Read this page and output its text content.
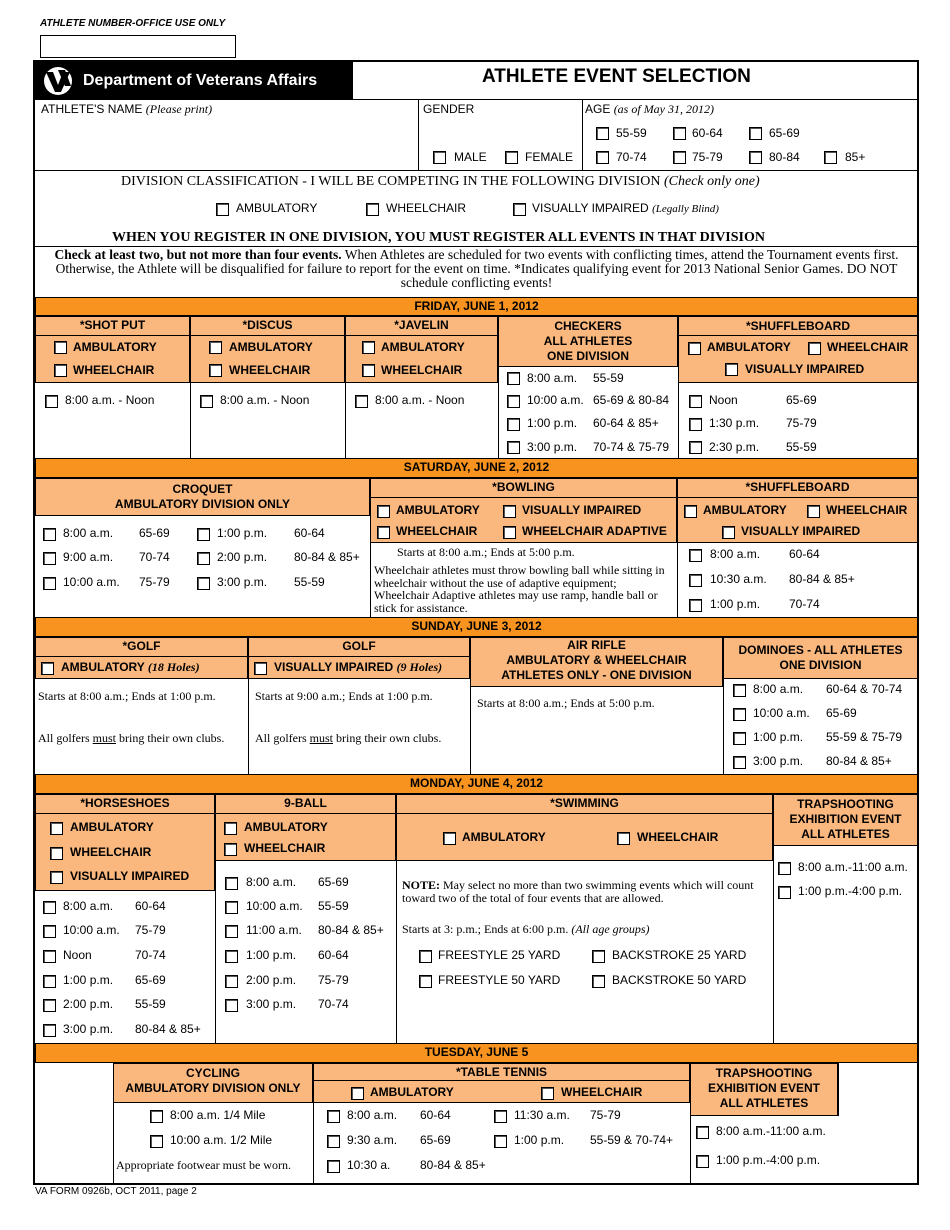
ATHLETE NUMBER-OFFICE USE ONLY
Department of Veterans Affairs	ATHLETE EVENT SELECTION
ATHLETE'S NAME (Please print)	GENDER
MALE	FEMALE
AGE (as of May 31, 2012)
55-59	60-64	65-69
70-74	75-79	80-84	85+
DIVISION CLASSIFICATION - I WILL BE COMPETING IN THE FOLLOWING DIVISION (Check only one)
AMBULATORY	WHEELCHAIR	VISUALLY IMPAIRED (Legally Blind)
WHEN YOU REGISTER IN ONE DIVISION, YOU MUST REGISTER ALL EVENTS IN THAT DIVISION
Check at least two, but not more than four events. When Athletes are scheduled for two events with conflicting times, attend the Tournament events first. Otherwise, the Athlete will be disqualified for failure to report for the event on time. *Indicates qualifying event for 2013 National Senior Games. DO NOT schedule conflicting events!
FRIDAY, JUNE 1, 2012
*SHOT PUT
AMBULATORY
WHEELCHAIR
8:00 a.m. - Noon
*DISCUS
AMBULATORY
WHEELCHAIR
8:00 a.m. - Noon
*JAVELIN
AMBULATORY
WHEELCHAIR
8:00 a.m. - Noon
CHECKERS
ALL ATHLETES
ONE DIVISION
8:00 a.m. 55-59
10:00 a.m. 65-69 & 80-84
1:00 p.m. 60-64 & 85+
3:00 p.m. 70-74 & 75-79
*SHUFFLEBOARD
AMBULATORY	WHEELCHAIR
VISUALLY IMPAIRED
Noon	65-69
1:30 p.m. 75-79
2:30 p.m. 55-59
SATURDAY, JUNE 2, 2012
CROQUET
AMBULATORY DIVISION ONLY
8:00 a.m. 65-69
9:00 a.m. 70-74
10:00 a.m. 75-79
1:00 p.m. 60-64
2:00 p.m. 80-84 & 85+
3:00 p.m. 55-59
*BOWLING
AMBULATORY	VISUALLY IMPAIRED
WHEELCHAIR	WHEELCHAIR ADAPTIVE
Starts at 8:00 a.m.; Ends at 5:00 p.m.
Wheelchair athletes must throw bowling ball while sitting in wheelchair without the use of adaptive equipment; Wheelchair Adaptive athletes may use ramp, handle ball or stick for assistance.
*SHUFFLEBOARD
AMBULATORY	WHEELCHAIR
VISUALLY IMPAIRED
8:00 a.m. 60-64
10:30 a.m. 80-84 & 85+
1:00 p.m. 70-74
SUNDAY, JUNE 3, 2012
*GOLF
AMBULATORY (18 Holes)
Starts at 8:00 a.m.; Ends at 1:00 p.m.
All golfers must bring their own clubs.
GOLF
VISUALLY IMPAIRED (9 Holes)
Starts at 9:00 a.m.; Ends at 1:00 p.m.
All golfers must bring their own clubs.
AIR RIFLE
AMBULATORY & WHEELCHAIR
ATHLETES ONLY - ONE DIVISION
Starts at 8:00 a.m.; Ends at 5:00 p.m.
DOMINOES - ALL ATHLETES
ONE DIVISION
8:00 a.m. 60-64 & 70-74
10:00 a.m. 65-69
1:00 p.m. 55-59 & 75-79
3:00 p.m. 80-84 & 85+
MONDAY, JUNE 4, 2012
*HORSESHOES
AMBULATORY
WHEELCHAIR
VISUALLY IMPAIRED
8:00 a.m. 60-64
10:00 a.m. 75-79
Noon	70-74
1:00 p.m. 65-69
2:00 p.m. 55-59
3:00 p.m. 80-84 & 85+
9-BALL
AMBULATORY
WHEELCHAIR
8:00 a.m. 65-69
10:00 a.m. 55-59
11:00 a.m. 80-84 & 85+
1:00 p.m. 60-64
2:00 p.m. 75-79
3:00 p.m. 70-74
*SWIMMING
AMBULATORY	WHEELCHAIR
NOTE: May select no more than two swimming events which will count toward two of the total of four events that are allowed.
Starts at 3: p.m.; Ends at 6:00 p.m. (All age groups)
FREESTYLE 25 YARD	BACKSTROKE 25 YARD
FREESTYLE 50 YARD	BACKSTROKE 50 YARD
TRAPSHOOTING
EXHIBITION EVENT
ALL ATHLETES
8:00 a.m.-11:00 a.m.
1:00 p.m.-4:00 p.m.
TUESDAY, JUNE 5
CYCLING
AMBULATORY DIVISION ONLY
8:00 a.m. 1/4 Mile
10:00 a.m. 1/2 Mile
Appropriate footwear must be worn.
*TABLE TENNIS
AMBULATORY	WHEELCHAIR
8:00 a.m. 60-64
9:30 a.m. 65-69
10:30 a. 80-84 & 85+
11:30 a.m. 75-79
1:00 p.m. 55-59 & 70-74+
TRAPSHOOTING
EXHIBITION EVENT
ALL ATHLETES
8:00 a.m.-11:00 a.m.
1:00 p.m.-4:00 p.m.
VA FORM 0926b, OCT 2011, page 2
